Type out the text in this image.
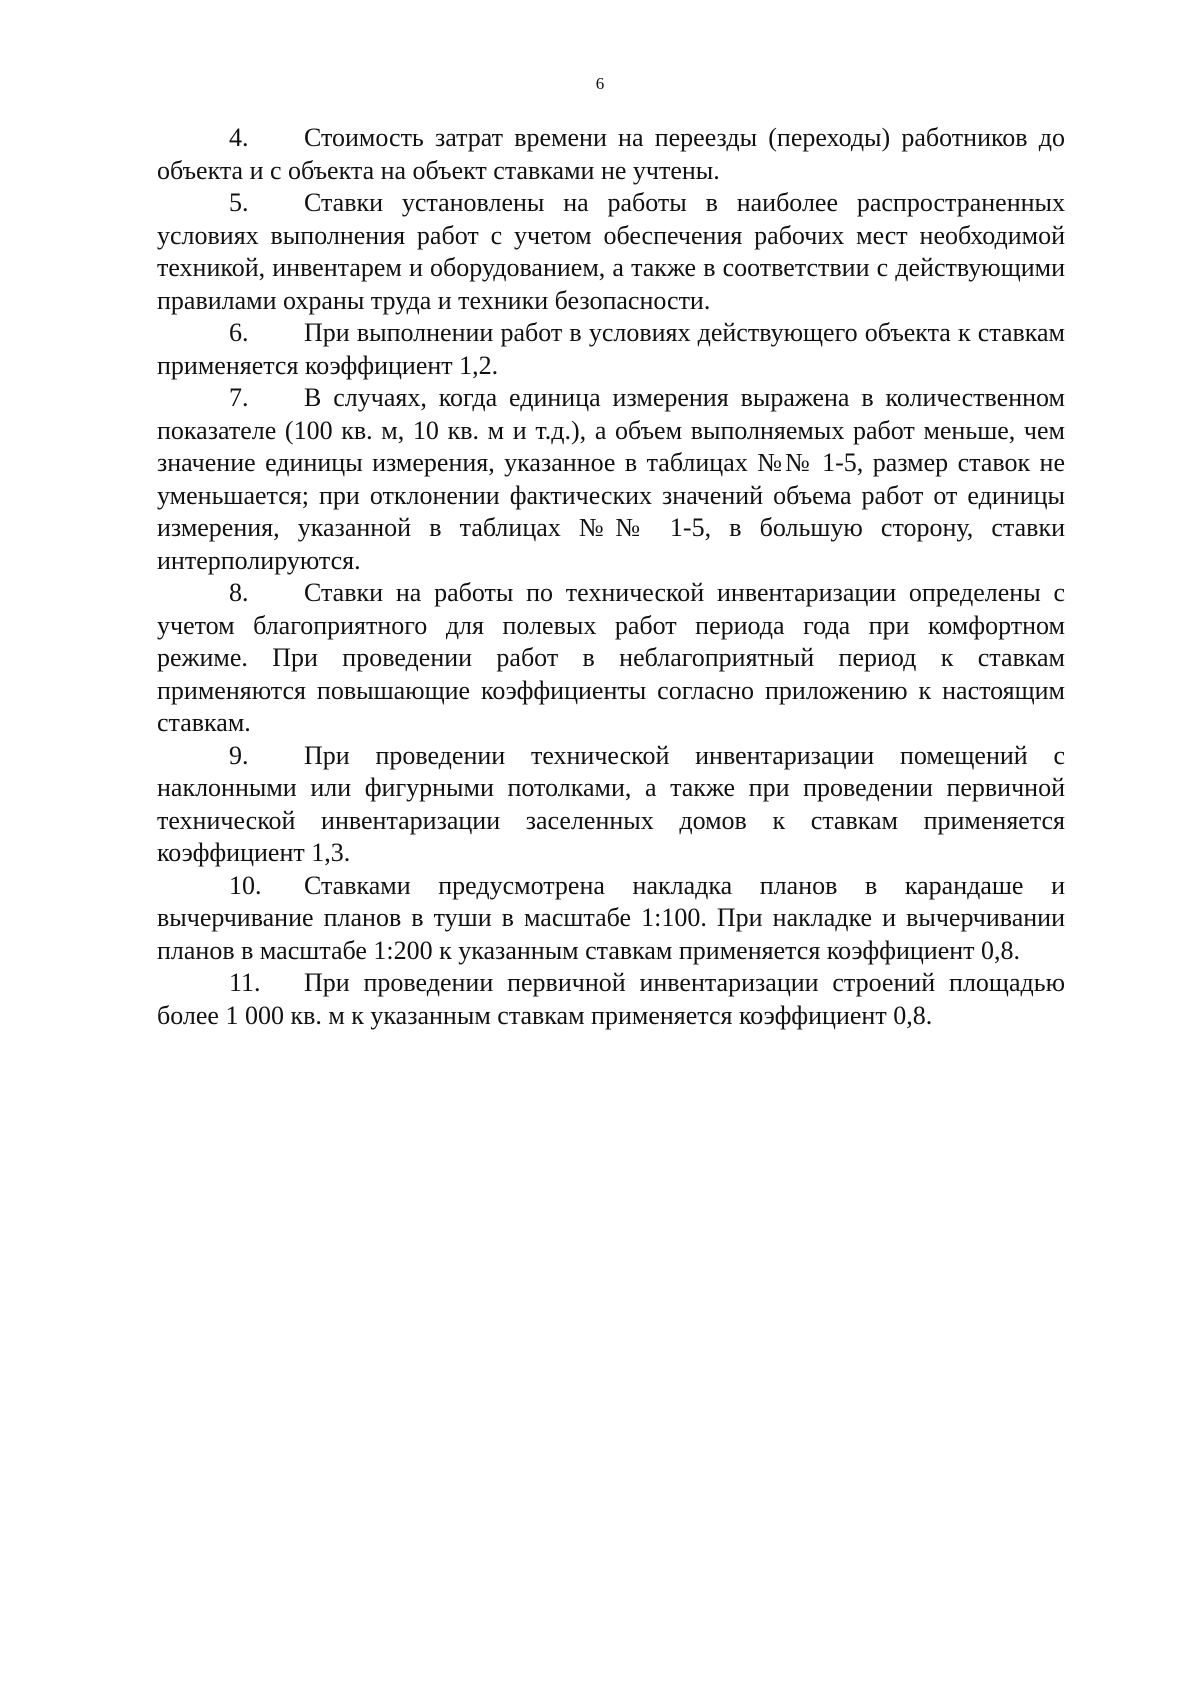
6

4. Стоимость затрат времени на переезды (переходы) работников до объекта и с объекта на объект ставками не учтены.

5. Ставки установлены на работы в наиболее распространенных условиях выполнения работ с учетом обеспечения рабочих мест необходимой техникой, инвентарем и оборудованием, а также в соответствии с действующими правилами охраны труда и техники безопасности.

6. При выполнении работ в условиях действующего объекта к ставкам применяется коэффициент 1,2.

7. В случаях, когда единица измерения выражена в количественном показателе (100 кв. м, 10 кв. м и т.д.), а объем выполняемых работ меньше, чем значение единицы измерения, указанное в таблицах №№ 1-5, размер ставок не уменьшается; при отклонении фактических значений объема работ от единицы измерения, указанной в таблицах №№ 1-5, в большую сторону, ставки интерполируются.

8. Ставки на работы по технической инвентаризации определены с учетом благоприятного для полевых работ периода года при комфортном режиме. При проведении работ в неблагоприятный период к ставкам применяются повышающие коэффициенты согласно приложению к настоящим ставкам.

9. При проведении технической инвентаризации помещений с наклонными или фигурными потолками, а также при проведении первичной технической инвентаризации заселенных домов к ставкам применяется коэффициент 1,3.

10. Ставками предусмотрена накладка планов в карандаше и вычерчивание планов в туши в масштабе 1:100. При накладке и вычерчивании планов в масштабе 1:200 к указанным ставкам применяется коэффициент 0,8.

11. При проведении первичной инвентаризации строений площадью более 1 000 кв. м к указанным ставкам применяется коэффициент 0,8.
